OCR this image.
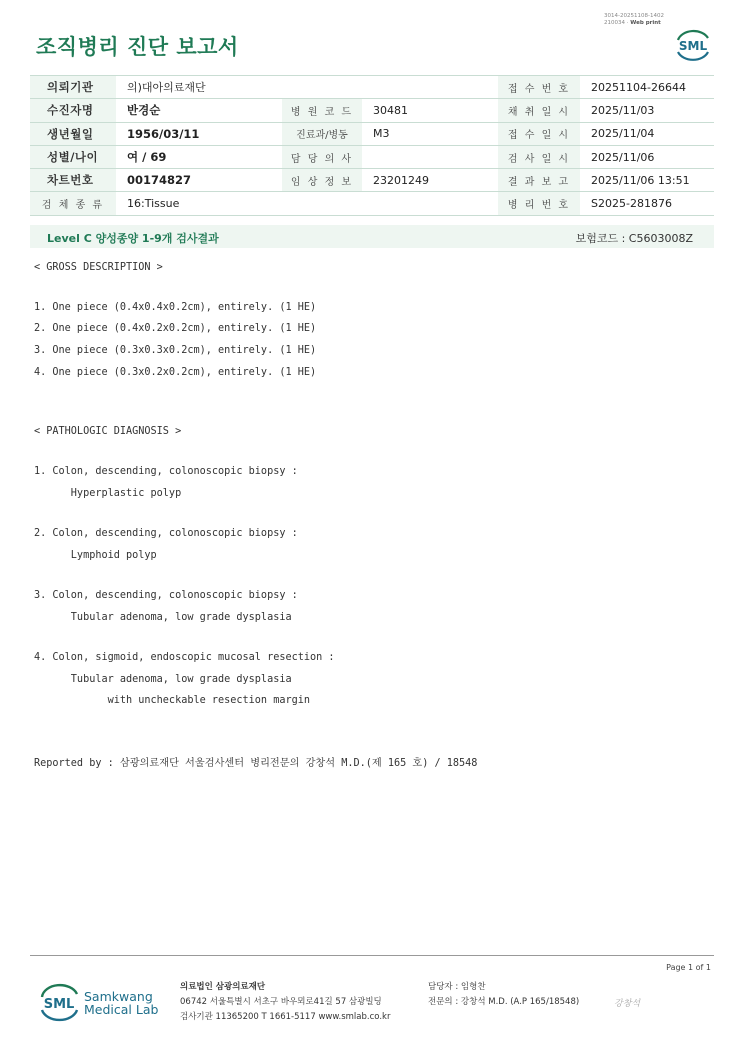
3014-20251108-1402
210034 · Web print
조직병리 진단 보고서	SML
의뢰기관	의)대아의료재단			접 수 번 호	20251104-26644
수진자명	반경순	병 원 코 드	30481	채 취 일 시	2025/11/03
생년월일	1956/03/11	진료과/병동	M3	접 수 일 시	2025/11/04
성별/나이	여 / 69	담 당 의 사		검 사 일 시	2025/11/06
차트번호	00174827	임 상 정 보	23201249	결 과 보 고	2025/11/06 13:51
검 체 종 류	16:Tissue			병 리 번 호	S2025-281876
Level C 양성종양 1-9개 검사결과	보험코드 : C5603008Z
< GROSS DESCRIPTION >
1. One piece (0.4x0.4x0.2cm), entirely. (1 HE)
2. One piece (0.4x0.2x0.2cm), entirely. (1 HE)
3. One piece (0.3x0.3x0.2cm), entirely. (1 HE)
4. One piece (0.3x0.2x0.2cm), entirely. (1 HE)
< PATHOLOGIC DIAGNOSIS >
1. Colon, descending, colonoscopic biopsy :
Hyperplastic polyp
2. Colon, descending, colonoscopic biopsy :
Lymphoid polyp
3. Colon, descending, colonoscopic biopsy :
Tubular adenoma, low grade dysplasia
4. Colon, sigmoid, endoscopic mucosal resection :
Tubular adenoma, low grade dysplasia
with uncheckable resection margin
Reported by : 삼광의료재단 서울검사센터 병리전문의 강창석 M.D.(제 165 호) / 18548
Page 1 of 1
SML
Samkwang
Medical Lab
의료법인 삼광의료재단
06742 서울특별시 서초구 바우뫼로41길 57 삼광빌딩
검사기관 11365200 T 1661-5117 www.smlab.co.kr
담당자 : 임형찬
전문의 : 강창석 M.D. (A.P 165/18548)	강창석
